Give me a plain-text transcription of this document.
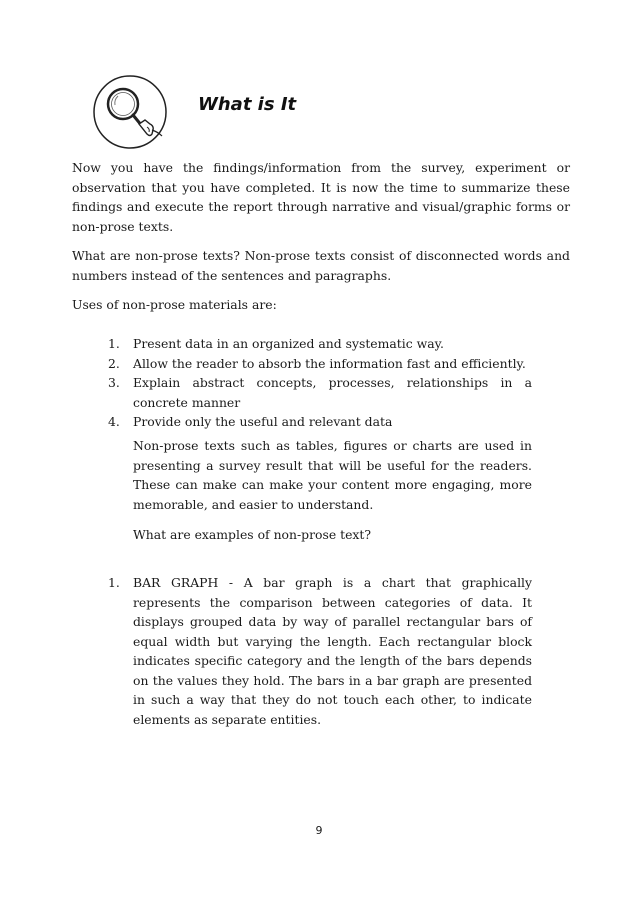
What is It

Now you have the findings/information from the survey, experiment or observation that you have completed. It is now the time to summarize these findings and execute the report through narrative and visual/graphic forms or non-prose texts.

What are non-prose texts? Non-prose texts consist of disconnected words and numbers instead of the sentences and paragraphs.

Uses of non-prose materials are:

1. Present data in an organized and systematic way.
2. Allow the reader to absorb the information fast and efficiently.
3. Explain abstract concepts, processes, relationships in a concrete manner
4. Provide only the useful and relevant data

Non-prose texts such as tables, figures or charts are used in presenting a survey result that will be useful for the readers. These can make can make your content more engaging, more memorable, and easier to understand.

What are examples of non-prose text?

1. BAR GRAPH - A bar graph is a chart that graphically represents the comparison between categories of data. It displays grouped data by way of parallel rectangular bars of equal width but varying the length. Each rectangular block indicates specific category and the length of the bars depends on the values they hold. The bars in a bar graph are presented in such a way that they do not touch each other, to indicate elements as separate entities.

9
